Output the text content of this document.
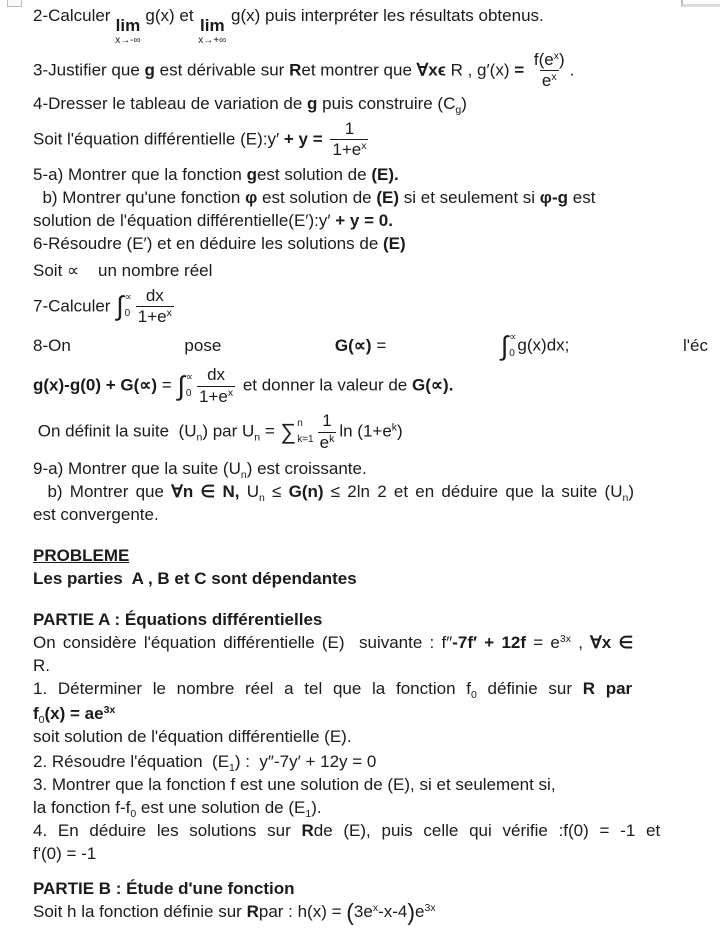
2-Calculer
lim
x→-∞
g(x) et
lim
x→+∞
g(x) puis interpréter les résultats obtenus.
3-Justifier que g est dérivable sur Ret montrer que ∀xϵ R , $g'(x) = \frac{f(e^x)}{e^x}$ .
4-Dresser le tableau de variation de g puis construire $(C_g)$
Soit l'équation différentielle (E):y′ + $y = \frac{1}{1+e^x}$
5-a) Montrer que la fonction gest solution de (E).
b) Montrer qu'une fonction φ est solution de (E) si et seulement si φ-g est
solution de l'équation différentielle(E′):y′ + y = 0.
6-Résoudre (E′) et en déduire les solutions de (E)
Soit ∝    un nombre réel
7-Calculer ∫ ∝
$0 \frac{dx}{1+e^x}$
8-On	pose	G(∝) =	∫ ∝
0 g(x)dx;	l'éc
g(x)-g(0) + G(∝) = ∫ ∝
$0 \frac{dx}{1+e^x}$ et donner la valeur de G(∝).
On définit la suite  $(U_n)$ par $U_n$ = ∑ n
$k=1 \frac{1}{e^k}$ $\ln (1+e^k)$
9-a) Montrer que la suite $(U_n)$ est croissante.
b) Montrer que ∀n ∈ N, $U_n \le G(n) \le 2\ln$ 2 et en déduire que la suite $(U_n)$
est convergente.
PROBLEME
Les parties  A , B et C sont dépendantes
PARTIE A : Équations différentielles
On considère l'équation différentielle (E)  suivante : $f''-7f' + 12f = e^{3x}$ , ∀x ∈
R.
1. Déterminer le nombre réel a tel que la fonction $f_0$ définie sur R par
$f_0(x) = ae^{3x}$
soit solution de l'équation différentielle (E).
2. Résoudre l'équation  $(E_1)$ :  y″-7y′ + 12y = 0
3. Montrer que la fonction f est une solution de (E), si et seulement si,
la fonction $f-f_0$ est une solution de $(E_1)$.
4. En déduire les solutions sur Rde (E), puis celle qui vérifie :f(0) = -1 et
f'(0) = -1
PARTIE B : Étude d'une fonction
Soit h la fonction définie sur Rpar : $h(x) = (3e^x-x-4)e^{3x}$
